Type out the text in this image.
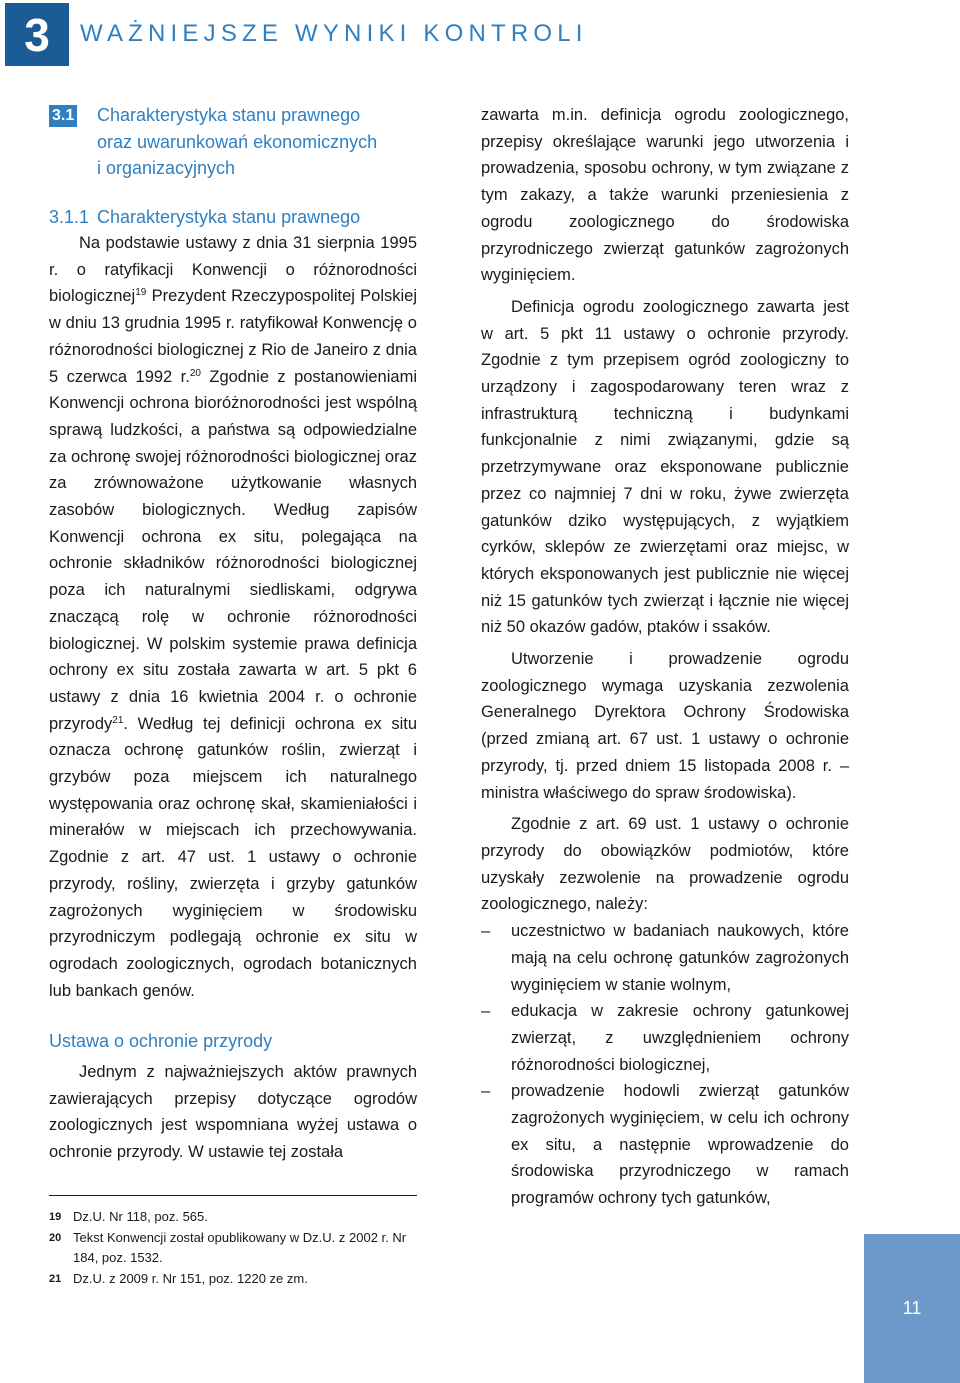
3 WAŻNIEJSZE WYNIKI KONTROLI
3.1 Charakterystyka stanu prawnego
oraz uwarunkowań ekonomicznych
i organizacyjnych
3.1.1 Charakterystyka stanu prawnego

Na podstawie ustawy z dnia 31 sierpnia 1995 r. o ratyfikacji Konwencji o różnorodności biologicznej$^{19}$ Prezydent Rzeczypospolitej Polskiej w dniu 13 grudnia 1995 r. ratyfikował Konwencję o różnorodności biologicznej z Rio de Janeiro z dnia 5 czerwca 1992 r.$^{20}$ Zgodnie z postanowieniami Konwencji ochrona bioróżnorodności jest wspólną sprawą ludzkości, a państwa są odpowiedzialne za ochronę swojej różnorodności biologicznej oraz za zrównoważone użytkowanie własnych zasobów biologicznych. Według zapisów Konwencji ochrona ex situ, polegająca na ochronie składników różnorodności biologicznej poza ich naturalnymi siedliskami, odgrywa znaczącą rolę w ochronie różnorodności biologicznej. W polskim systemie prawa definicja ochrony ex situ została zawarta w art. 5 pkt 6 ustawy z dnia 16 kwietnia 2004 r. o ochronie przyrody$^{21}$. Według tej definicji ochrona ex situ oznacza ochronę gatunków roślin, zwierząt i grzybów poza miejscem ich naturalnego występowania oraz ochronę skał, skamieniałości i minerałów w miejscach ich przechowywania. Zgodnie z art. 47 ust. 1 ustawy o ochronie przyrody, rośliny, zwierzęta i grzyby gatunków zagrożonych wyginięciem w środowisku przyrodniczym podlegają ochronie ex situ w ogrodach zoologicznych, ogrodach botanicznych lub bankach genów.

Ustawa o ochronie przyrody

Jednym z najważniejszych aktów prawnych zawierających przepisy dotyczące ogrodów zoologicznych jest wspomniana wyżej ustawa o ochronie przyrody. W ustawie tej została

19 Dz.U. Nr 118, poz. 565.
20 Tekst Konwencji został opublikowany w Dz.U. z 2002 r. Nr 184, poz. 1532.
21 Dz.U. z 2009 r. Nr 151, poz. 1220 ze zm.

zawarta m.in. definicja ogrodu zoologicznego, przepisy określające warunki jego utworzenia i prowadzenia, sposobu ochrony, w tym związane z tym zakazy, a także warunki przeniesienia z ogrodu zoologicznego do środowiska przyrodniczego zwierząt gatunków zagrożonych wyginięciem.

Definicja ogrodu zoologicznego zawarta jest w art. 5 pkt 11 ustawy o ochronie przyrody. Zgodnie z tym przepisem ogród zoologiczny to urządzony i zagospodarowany teren wraz z infrastrukturą techniczną i budynkami funkcjonalnie z nimi związanymi, gdzie są przetrzymywane oraz eksponowane publicznie przez co najmniej 7 dni w roku, żywe zwierzęta gatunków dziko występujących, z wyjątkiem cyrków, sklepów ze zwierzętami oraz miejsc, w których eksponowanych jest publicznie nie więcej niż 15 gatunków tych zwierząt i łącznie nie więcej niż 50 okazów gadów, ptaków i ssaków.

Utworzenie i prowadzenie ogrodu zoologicznego wymaga uzyskania zezwolenia Generalnego Dyrektora Ochrony Środowiska (przed zmianą art. 67 ust. 1 ustawy o ochronie przyrody, tj. przed dniem 15 listopada 2008 r. – ministra właściwego do spraw środowiska).

Zgodnie z art. 69 ust. 1 ustawy o ochronie przyrody do obowiązków podmiotów, które uzyskały zezwolenie na prowadzenie ogrodu zoologicznego, należy:

–	uczestnictwo w badaniach naukowych, które mają na celu ochronę gatunków zagrożonych wyginięciem w stanie wolnym,
–	edukacja w zakresie ochrony gatunkowej zwierząt, z uwzględnieniem ochrony różnorodności biologicznej,
–	prowadzenie hodowli zwierząt gatunków zagrożonych wyginięciem, w celu ich ochrony ex situ, a następnie wprowadzenie do środowiska przyrodniczego w ramach programów ochrony tych gatunków,
11
